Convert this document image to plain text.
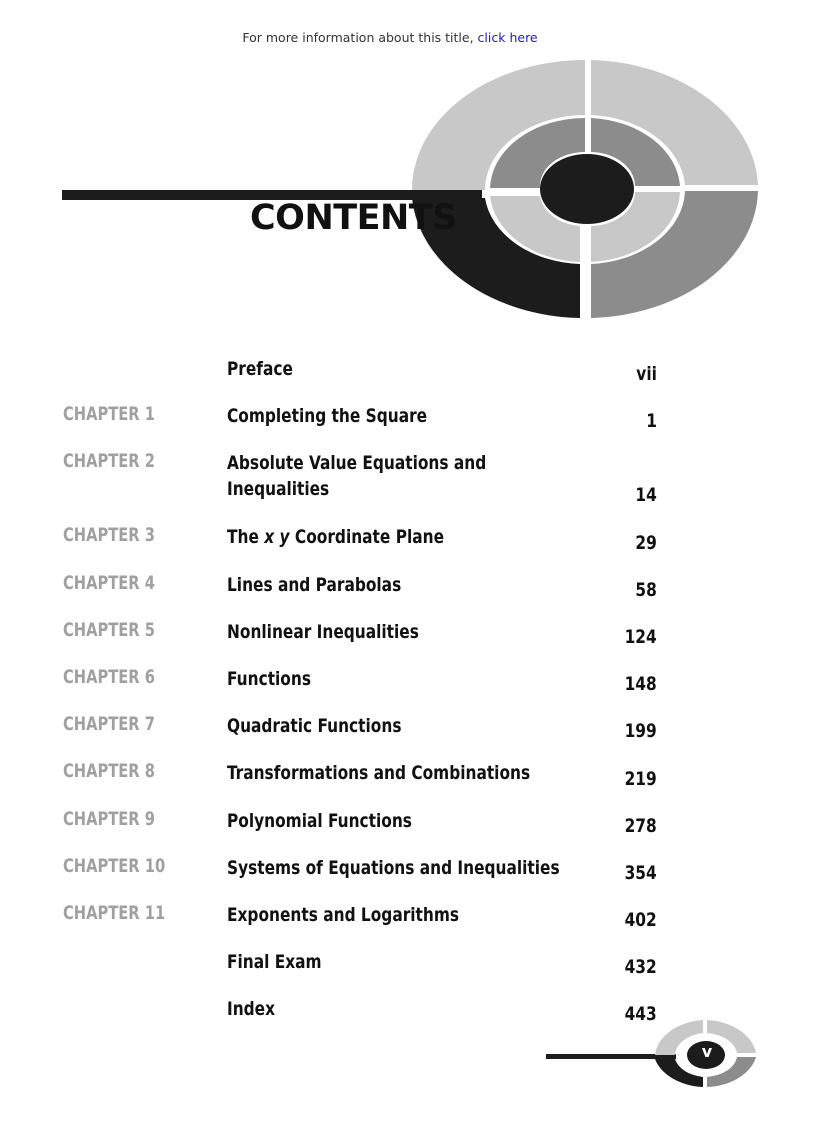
For more information about this title, click here
CONTENTS
Preface	vii
CHAPTER 1	Completing the Square	1
CHAPTER 2	Absolute Value Equations and Inequalities	14
CHAPTER 3	The x y Coordinate Plane	29
CHAPTER 4	Lines and Parabolas	58
CHAPTER 5	Nonlinear Inequalities	124
CHAPTER 6	Functions	148
CHAPTER 7	Quadratic Functions	199
CHAPTER 8	Transformations and Combinations	219
CHAPTER 9	Polynomial Functions	278
CHAPTER 10	Systems of Equations and Inequalities	354
CHAPTER 11	Exponents and Logarithms	402
Final Exam	432
Index	443
v
